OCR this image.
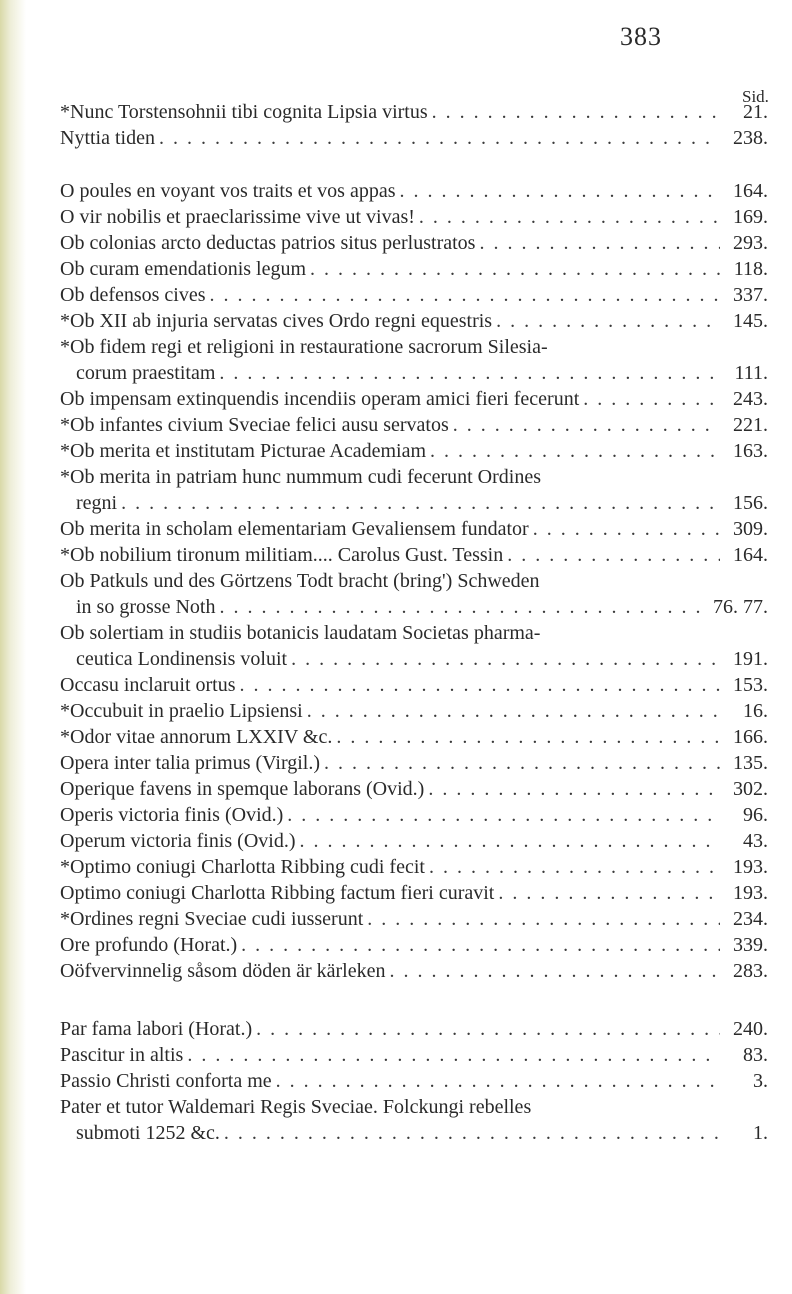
383
Sid.
*Nunc Torstensohnii tibi cognita Lipsia virtus . . .	21.
Nyttia tiden . . .	238.
O poules en voyant vos traits et vos appas . . .	164.
O vir nobilis et praeclarissime vive ut vivas! . . .	169.
Ob colonias arcto deductas patrios situs perlustratos . . .	293.
Ob curam emendationis legum . . .	118.
Ob defensos cives . . .	337.
*Ob XII ab injuria servatas cives Ordo regni equestris . . .	145.
*Ob fidem regi et religioni in restauratione sacrorum Silesia-
corum praestitam . . .	111.
Ob impensam extinquendis incendiis operam amici fieri fecerunt . . .	243.
*Ob infantes civium Sveciae felici ausu servatos . . .	221.
*Ob merita et institutam Picturae Academiam . . .	163.
*Ob merita in patriam hunc nummum cudi fecerunt Ordines
regni . . .	156.
Ob merita in scholam elementariam Gevaliensem fundator . . .	309.
*Ob nobilium tironum militiam.... Carolus Gust. Tessin . . .	164.
Ob Patkuls und des Görtzens Todt bracht (bring') Schweden
in so grosse Noth . . .	76. 77.
Ob solertiam in studiis botanicis laudatam Societas pharma-
ceutica Londinensis voluit . . .	191.
Occasu inclaruit ortus . . .	153.
*Occubuit in praelio Lipsiensi . . .	16.
*Odor vitae annorum LXXIV &c. . . .	166.
Opera inter talia primus (Virgil.) . . .	135.
Operique favens in spemque laborans (Ovid.) . . .	302.
Operis victoria finis (Ovid.) . . .	96.
Operum victoria finis (Ovid.) . . .	43.
*Optimo coniugi Charlotta Ribbing cudi fecit . . .	193.
Optimo coniugi Charlotta Ribbing factum fieri curavit . . .	193.
*Ordines regni Sveciae cudi iusserunt . . .	234.
Ore profundo (Horat.) . . .	339.
Oöfvervinnelig såsom döden är kärleken . . .	283.
Par fama labori (Horat.) . . .	240.
Pascitur in altis . . .	83.
Passio Christi conforta me . . .	3.
Pater et tutor Waldemari Regis Sveciae. Folckungi rebelles
submoti 1252 &c. . . .	1.
